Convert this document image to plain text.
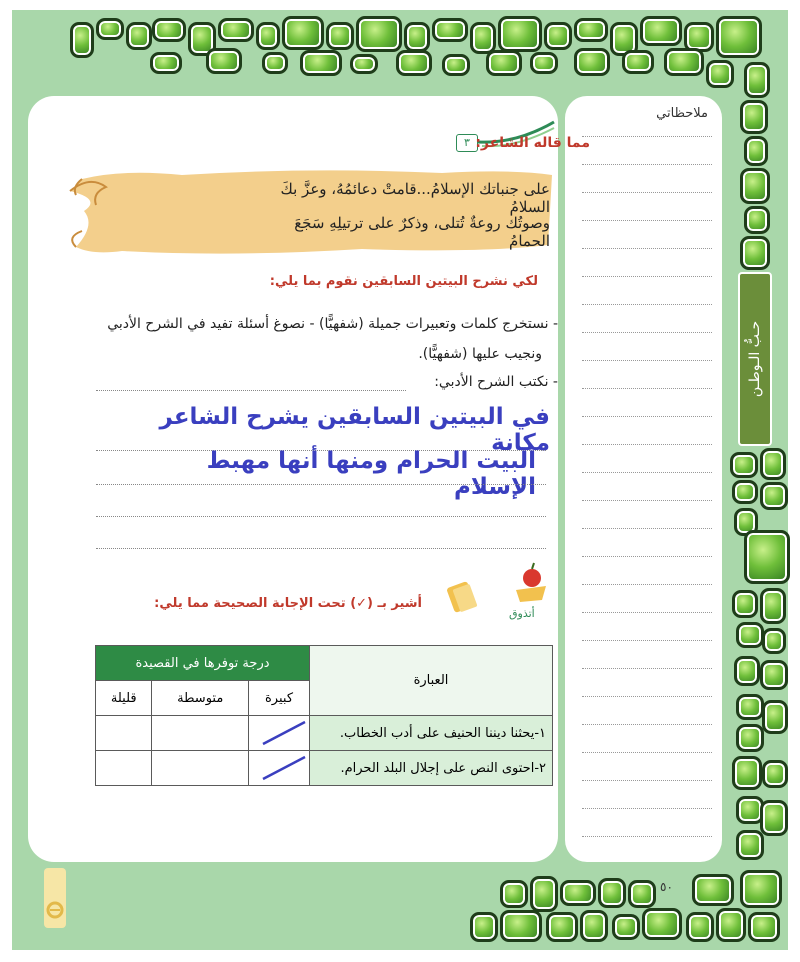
حـبُّ الـوطـن
ملاحظاتي
٣ مما قاله الشاعر:
على جنباتك الإسلامُ...قامتْ دعائمُهُ، وعزَّ بكَ السلامُ
وصوتُك روعةٌ تُتلى، وذكرٌ على ترتيلِهِ سَجَعَ الحمامُ
لكي نشرح البيتين السابقين نقوم بما يلي:
- نستخرج كلمات وتعبيرات جميلة (شفهيًّا) - نصوغ أسئلة تفيد في الشرح الأدبي
ونجيب عليها (شفهيًّا).
- نكتب الشرح الأدبي:
في البيتين السابقين يشرح الشاعر مكانة
البيت الحرام ومنها أنها مهبط الإسلام
أتذوق
أشير بـ (✓) تحت الإجابة الصحيحة مما يلي:
العبارة	درجة توفرها في القصيدة		
	كبيرة	متوسطة	قليلة
١-يحثنا ديننا الحنيف على أدب الخطاب.	

٢-احتوى النص على إجلال البلد الحرام.	

٥٠
